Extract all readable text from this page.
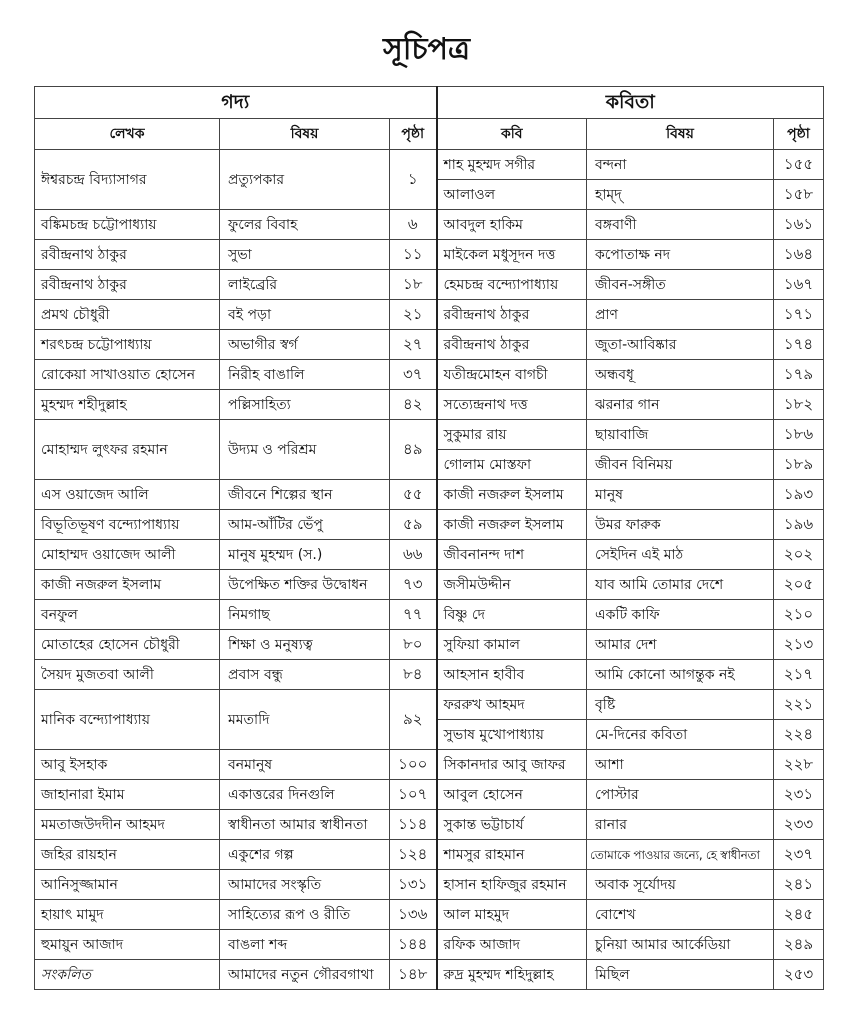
সূচিপত্র
গদ্য			কবিতা		
লেখক	বিষয়	পৃষ্ঠা	কবি	বিষয়	পৃষ্ঠা
ঈশ্বরচন্দ্র বিদ্যাসাগর	প্রত্যুপকার	১	শাহ মুহম্মদ সগীর	বন্দনা	১৫৫
			আলাওল	হাম্‌দ্	১৫৮
বঙ্কিমচন্দ্র চট্টোপাধ্যায়	ফুলের বিবাহ	৬	আবদুল হাকিম	বঙ্গবাণী	১৬১
রবীন্দ্রনাথ ঠাকুর	সুভা	১১	মাইকেল মধুসূদন দত্ত	কপোতাক্ষ নদ	১৬৪
রবীন্দ্রনাথ ঠাকুর	লাইব্রেরি	১৮	হেমচন্দ্র বন্দ্যোপাধ্যায়	জীবন-সঙ্গীত	১৬৭
প্রমথ চৌধুরী	বই পড়া	২১	রবীন্দ্রনাথ ঠাকুর	প্রাণ	১৭১
শরৎচন্দ্র চট্টোপাধ্যায়	অভাগীর স্বর্গ	২৭	রবীন্দ্রনাথ ঠাকুর	জুতা-আবিষ্কার	১৭৪
রোকেয়া সাখাওয়াত হোসেন	নিরীহ বাঙালি	৩৭	যতীন্দ্রমোহন বাগচী	অন্ধবধূ	১৭৯
মুহম্মদ শহীদুল্লাহ	পল্লিসাহিত্য	৪২	সত্যেন্দ্রনাথ দত্ত	ঝরনার গান	১৮২
মোহাম্মদ লুৎফর রহমান	উদ্যম ও পরিশ্রম	৪৯	সুকুমার রায়	ছায়াবাজি	১৮৬
			গোলাম মোস্তফা	জীবন বিনিময়	১৮৯
এস ওয়াজেদ আলি	জীবনে শিল্পের স্থান	৫৫	কাজী নজরুল ইসলাম	মানুষ	১৯৩
বিভূতিভূষণ বন্দ্যোপাধ্যায়	আম-আঁটির ভেঁপু	৫৯	কাজী নজরুল ইসলাম	উমর ফারুক	১৯৬
মোহাম্মদ ওয়াজেদ আলী	মানুষ মুহম্মদ (স.)	৬৬	জীবনানন্দ দাশ	সেইদিন এই মাঠ	২০২
কাজী নজরুল ইসলাম	উপেক্ষিত শক্তির উদ্বোধন	৭৩	জসীমউদ্দীন	যাব আমি তোমার দেশে	২০৫
বনফুল	নিমগাছ	৭৭	বিষ্ণু দে	একটি কাফি	২১০
মোতাহের হোসেন চৌধুরী	শিক্ষা ও মনুষ্যত্ব	৮০	সুফিয়া কামাল	আমার দেশ	২১৩
সৈয়দ মুজতবা আলী	প্রবাস বন্ধু	৮৪	আহসান হাবীব	আমি কোনো আগন্তুক নই	২১৭
মানিক বন্দ্যোপাধ্যায়	মমতাদি	৯২	ফররুখ আহমদ	বৃষ্টি	২২১
			সুভাষ মুখোপাধ্যায়	মে-দিনের কবিতা	২২৪
আবু ইসহাক	বনমানুষ	১০০	সিকানদার আবু জাফর	আশা	২২৮
জাহানারা ইমাম	একাত্তরের দিনগুলি	১০৭	আবুল হোসেন	পোস্টার	২৩১
মমতাজউদদীন আহমদ	স্বাধীনতা আমার স্বাধীনতা	১১৪	সুকান্ত ভট্টাচার্য	রানার	২৩৩
জহির রায়হান	একুশের গল্প	১২৪	শামসুর রাহমান	তোমাকে পাওয়ার জন্যে, হে স্বাধীনতা	২৩৭
আনিসুজ্জামান	আমাদের সংস্কৃতি	১৩১	হাসান হাফিজুর রহমান	অবাক সূর্যোদয়	২৪১
হায়াৎ মামুদ	সাহিত্যের রূপ ও রীতি	১৩৬	আল মাহমুদ	বোশেখ	২৪৫
হুমায়ুন আজাদ	বাঙলা শব্দ	১৪৪	রফিক আজাদ	চুনিয়া আমার আর্কেডিয়া	২৪৯
সংকলিত	আমাদের নতুন গৌরবগাথা	১৪৮	রুদ্র মুহম্মদ শহিদুল্লাহ	মিছিল	২৫৩
